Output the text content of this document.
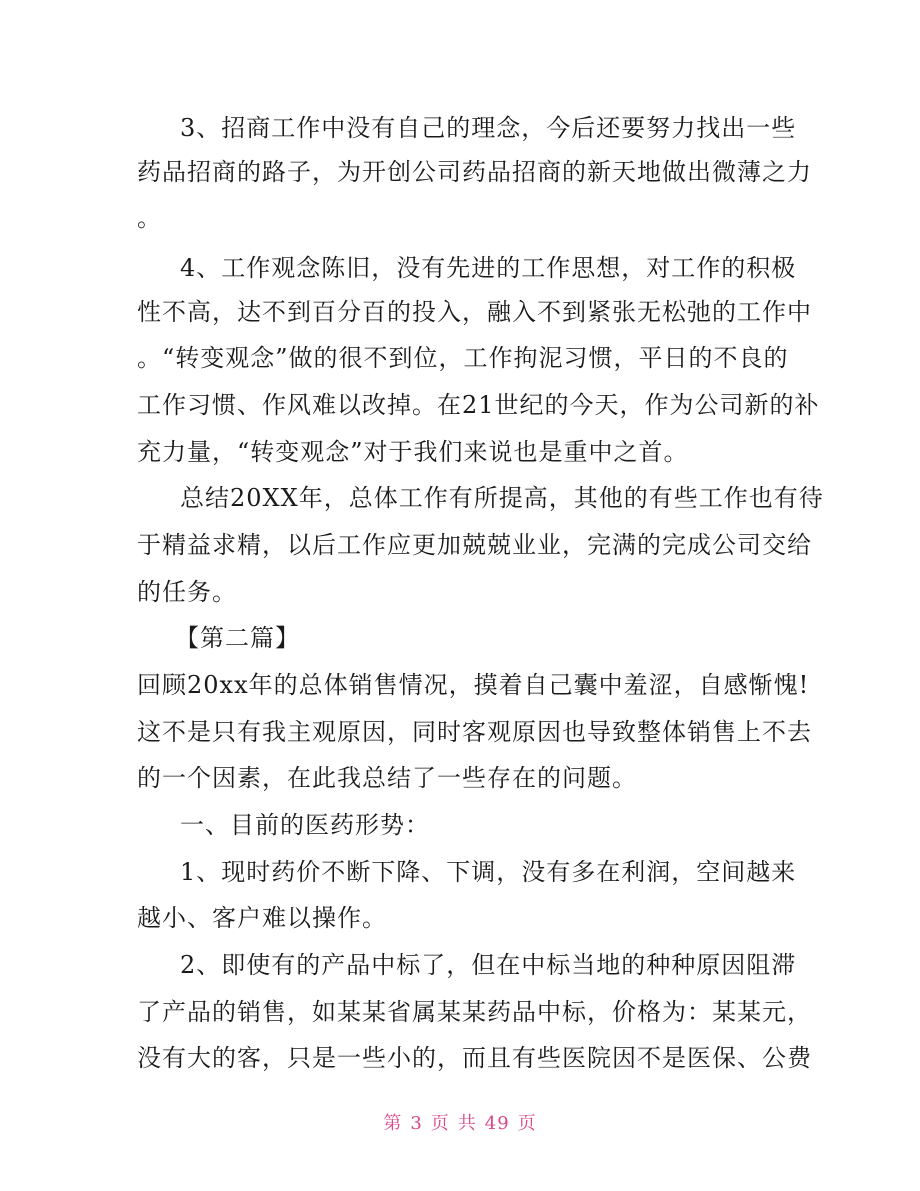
3、招商工作中没有自己的理念，今后还要努力找出一些
药品招商的路子，为开创公司药品招商的新天地做出微薄之力
。
4、工作观念陈旧，没有先进的工作思想，对工作的积极
性不高，达不到百分百的投入，融入不到紧张无松弛的工作中
。“转变观念”做的很不到位，工作拘泥习惯，平日的不良的
工作习惯、作风难以改掉。在21世纪的今天，作为公司新的补
充力量，“转变观念”对于我们来说也是重中之首。
总结20XX年，总体工作有所提高，其他的有些工作也有待
于精益求精，以后工作应更加兢兢业业，完满的完成公司交给
的任务。
【第二篇】
回顾20xx年的总体销售情况，摸着自己囊中羞涩，自感惭愧!
这不是只有我主观原因，同时客观原因也导致整体销售上不去
的一个因素，在此我总结了一些存在的问题。
一、目前的医药形势：
1、现时药价不断下降、下调，没有多在利润，空间越来
越小、客户难以操作。
2、即使有的产品中标了，但在中标当地的种种原因阻滞
了产品的销售，如某某省属某某药品中标，价格为：某某元，
没有大的客，只是一些小的，而且有些医院因不是医保、公费
第 3 页 共 49 页
